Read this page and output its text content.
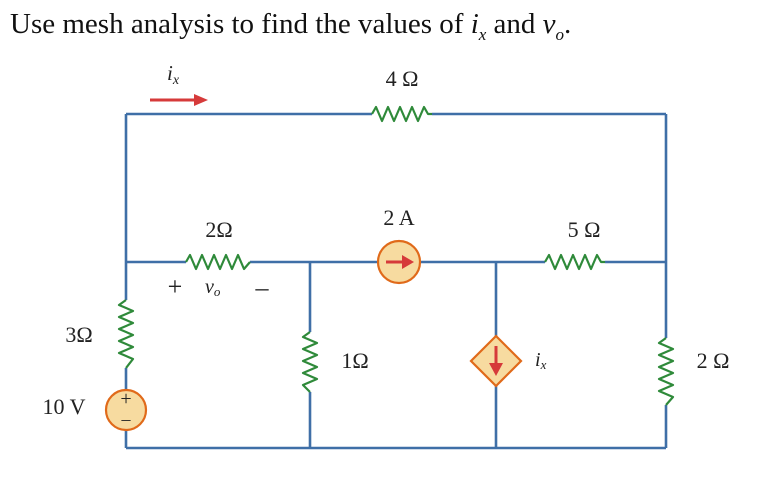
Use mesh analysis to find the values of $i_x$ and $v_o$.
+
–
ix	4 Ω
2Ω	2 A	5 Ω
+ vo –
3Ω
10 V
1Ω	ix	2 Ω
